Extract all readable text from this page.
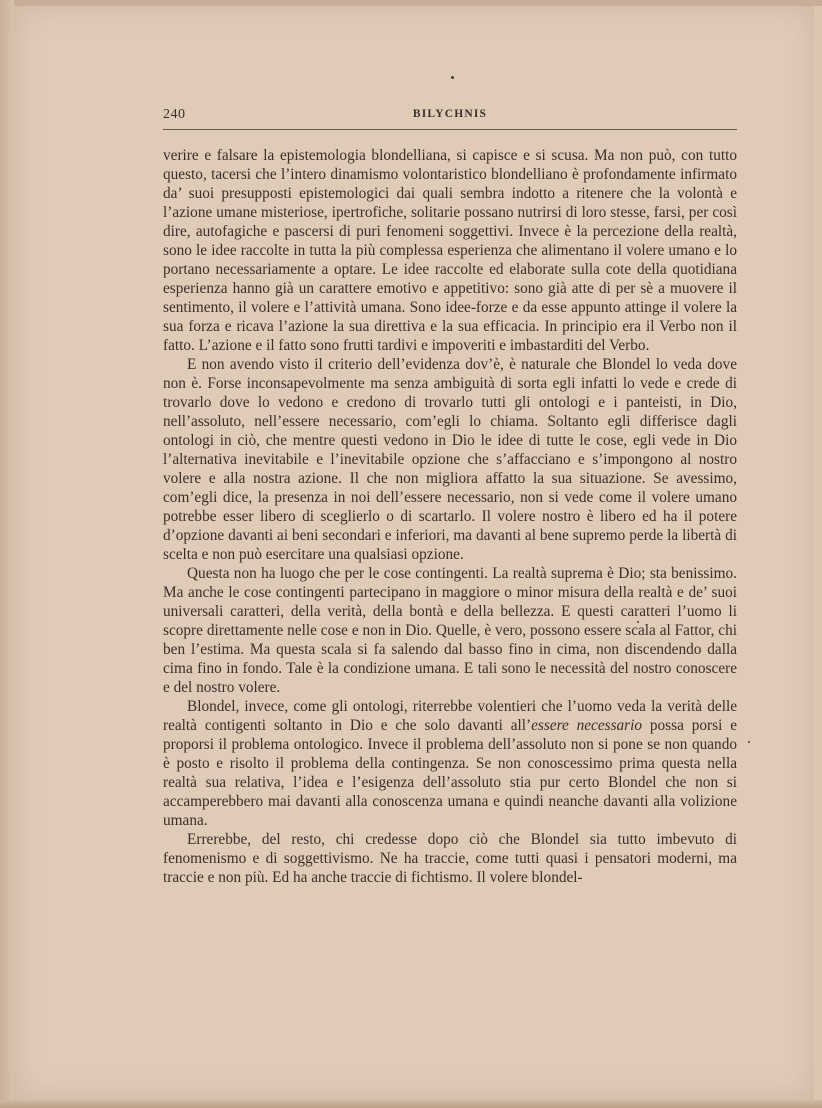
240	BILYCHNIS

verire e falsare la epistemologia blondelliana, si capisce e si scusa. Ma non può, con tutto questo, tacersi che l’intero dinamismo volontaristico blondelliano è profondamente infirmato da’ suoi presupposti epistemologici dai quali sembra indotto a ritenere che la volontà e l’azione umane misteriose, ipertrofiche, solitarie possano nutrirsi di loro stesse, farsi, per così dire, autofagiche e pascersi di puri fenomeni soggettivi. Invece è la percezione della realtà, sono le idee raccolte in tutta la più complessa esperienza che alimentano il volere umano e lo portano necessariamente a optare. Le idee raccolte ed elaborate sulla cote della quotidiana esperienza hanno già un carattere emotivo e appetitivo: sono già atte di per sè a muovere il sentimento, il volere e l’attività umana. Sono idee-forze e da esse appunto attinge il volere la sua forza e ricava l’azione la sua direttiva e la sua efficacia. In principio era il Verbo non il fatto. L’azione e il fatto sono frutti tardivi e impoveriti e imbastarditi del Verbo.

E non avendo visto il criterio dell’evidenza dov’è, è naturale che Blondel lo veda dove non è. Forse inconsapevolmente ma senza ambiguità di sorta egli infatti lo vede e crede di trovarlo dove lo vedono e credono di trovarlo tutti gli ontologi e i panteisti, in Dio, nell’assoluto, nell’essere necessario, com’egli lo chiama. Soltanto egli differisce dagli ontologi in ciò, che mentre questi vedono in Dio le idee di tutte le cose, egli vede in Dio l’alternativa inevitabile e l’inevitabile opzione che s’affacciano e s’impongono al nostro volere e alla nostra azione. Il che non migliora affatto la sua situazione. Se avessimo, com’egli dice, la presenza in noi dell’essere necessario, non si vede come il volere umano potrebbe esser libero di sceglierlo o di scartarlo. Il volere nostro è libero ed ha il potere d’opzione davanti ai beni secondari e inferiori, ma davanti al bene supremo perde la libertà di scelta e non può esercitare una qualsiasi opzione.

Questa non ha luogo che per le cose contingenti. La realtà suprema è Dio; sta benissimo. Ma anche le cose contingenti partecipano in maggiore o minor misura della realtà e de’ suoi universali caratteri, della verità, della bontà e della bellezza. E questi caratteri l’uomo li scopre direttamente nelle cose e non in Dio. Quelle, è vero, possono essere scala al Fattor, chi ben l’estima. Ma questa scala si fa salendo dal basso fino in cima, non discendendo dalla cima fino in fondo. Tale è la condizione umana. E tali sono le necessità del nostro conoscere e del nostro volere.

Blondel, invece, come gli ontologi, riterrebbe volentieri che l’uomo veda la verità delle realtà contigenti soltanto in Dio e che solo davanti all’essere necessario possa porsi e proporsi il problema ontologico. Invece il problema dell’assoluto non si pone se non quando è posto e risolto il problema della contingenza. Se non conoscessimo prima questa nella realtà sua relativa, l’idea e l’esigenza dell’assoluto stia pur certo Blondel che non si accamperebbero mai davanti alla conoscenza umana e quindi neanche davanti alla volizione umana.

Errerebbe, del resto, chi credesse dopo ciò che Blondel sia tutto imbevuto di fenomenismo e di soggettivismo. Ne ha traccie, come tutti quasi i pensatori moderni, ma traccie e non più. Ed ha anche traccie di fichtismo. Il volere blondel-
